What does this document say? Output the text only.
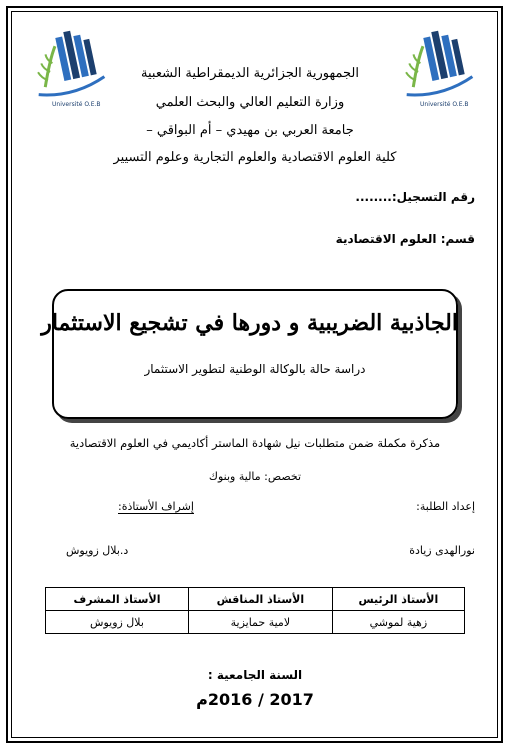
Université O.E.B	Université O.E.B
الجمهورية الجزائرية الديمقراطية الشعبية
وزارة التعليم العالي والبحث العلمي
جامعة العربي بن مهيدي – أم البواقي –
كلية العلوم الاقتصادية والعلوم التجارية وعلوم التسيير
رقم التسجيل:........
قسم: العلوم الاقتصادية
الجاذبية الضريبية و دورها في تشجيع الاستثمار
دراسة حالة بالوكالة الوطنية لتطوير الاستثمار
مذكرة مكملة ضمن متطلبات نيل شهادة الماستر أكاديمي في العلوم الاقتصادية
تخصص: مالية وبنوك
إعداد الطلبة:
إشراف الأستاذة:
نورالهدى زيادة
د.بلال زويوش
الأستاذ الرئيس	الأستاذ المناقش	الأستاذ المشرف
زهية لموشي	لامية حمايزية	بلال زويوش
السنة الجامعية :
2017 / 2016م
